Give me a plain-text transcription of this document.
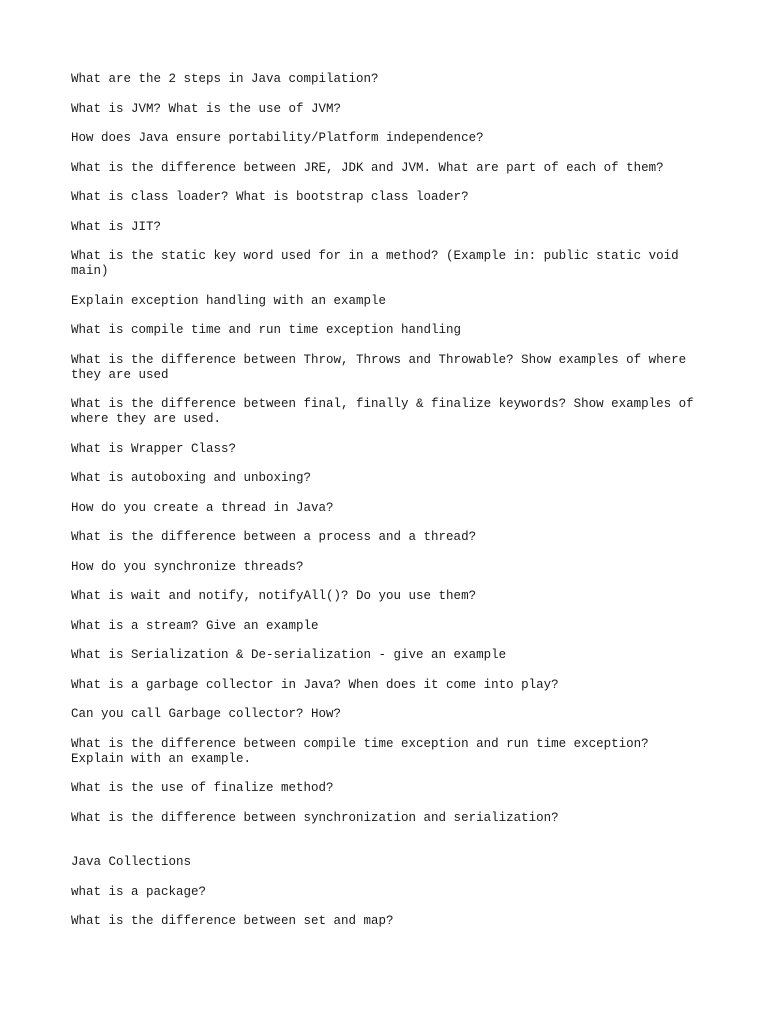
What are the 2 steps in Java compilation?

What is JVM? What is the use of JVM?

How does Java ensure portability/Platform independence?

What is the difference between JRE, JDK and JVM. What are part of each of them?

What is class loader? What is bootstrap class loader?

What is JIT?

What is the static key word used for in a method? (Example in: public static void
main)

Explain exception handling with an example

What is compile time and run time exception handling

What is the difference between Throw, Throws and Throwable? Show examples of where
they are used

What is the difference between final, finally & finalize keywords? Show examples of
where they are used.

What is Wrapper Class?

What is autoboxing and unboxing?

How do you create a thread in Java?

What is the difference between a process and a thread?

How do you synchronize threads?

What is wait and notify, notifyAll()? Do you use them?

What is a stream? Give an example

What is Serialization & De-serialization - give an example

What is a garbage collector in Java? When does it come into play?

Can you call Garbage collector? How?

What is the difference between compile time exception and run time exception?
Explain with an example.

What is the use of finalize method?

What is the difference between synchronization and serialization?

Java Collections

what is a package?

What is the difference between set and map?
